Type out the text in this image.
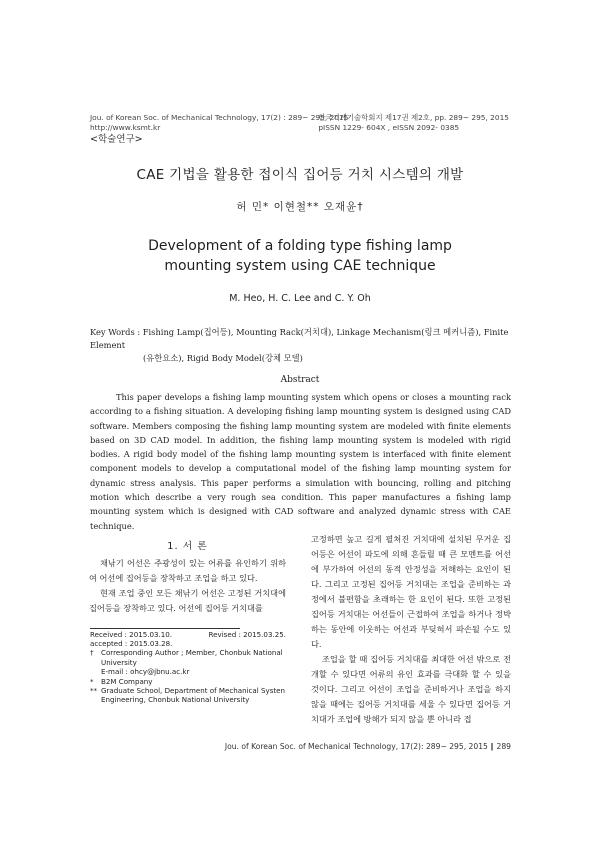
Jou. of Korean Soc. of Mechanical Technology, 17(2) : 289~ 295, 2015
http://www.ksmt.kr
한국기계기술학회지 제17권 제2호, pp. 289~ 295, 2015
pISSN 1229- 604X , eISSN 2092- 0385
<학술연구>
CAE 기법을 활용한 접이식 집어등 거치 시스템의 개발
허 민* 이현철** 오재윤†
Development of a folding type fishing lamp
mounting system using CAE technique
M. Heo, H. C. Lee and C. Y. Oh
Key Words : Fishing Lamp(집어등), Mounting Rack(거치대), Linkage Mechanism(링크 메커니즘), Finite Element
(유한요소), Rigid Body Model(강체 모델)
Abstract
This paper develops a fishing lamp mounting system which opens or closes a mounting rack according to a fishing situation. A developing fishing lamp mounting system is designed using CAD software. Members composing the fishing lamp mounting system are modeled with finite elements based on 3D CAD model. In addition, the fishing lamp mounting system is modeled with rigid bodies. A rigid body model of the fishing lamp mounting system is interfaced with finite element component models to develop a computational model of the fishing lamp mounting system for dynamic stress analysis. This paper performs a simulation with bouncing, rolling and pitching motion which describe a very rough sea condition. This paper manufactures a fishing lamp mounting system which is designed with CAD software and analyzed dynamic stress with CAE technique.
1. 서 론

채낚기 어선은 주광성이 있는 어류를 유인하기 위하여 어선에 집어등을 장착하고 조업을 하고 있다.

현재 조업 중인 모든 채낚기 어선은 고정된 거치대에 집어등을 장착하고 있다. 어선에 집어등 거치대를

Received : 2015.03.10.	Revised : 2015.03.25.
accepted : 2015.03.28.
†	Corresponding Author ; Member, Chonbuk National University
E-mail : ohcy@jbnu.ac.kr
*	B2M Company
** Graduate School, Department of Mechanical Systen Engineering, Chonbuk National University

고정하면 높고 길게 펼쳐진 거치대에 설치된 무거운 집어등은 어선이 파도에 의해 흔들릴 때 큰 모멘트를 어선에 부가하여 어선의 동적 안정성을 저해하는 요인이 된다. 그리고 고정된 집어등 거치대는 조업을 준비하는 과정에서 불편함을 초래하는 한 요인이 된다. 또한 고정된 집어등 거치대는 어선들이 근접하여 조업을 하거나 정박하는 동안에 이웃하는 어선과 부딪혀서 파손될 수도 있다.

조업을 할 때 집어등 거치대를 최대한 어선 밖으로 전개할 수 있다면 어류의 유인 효과를 극대화 할 수 있을 것이다. 그리고 어선이 조업을 준비하거나 조업을 하지 않을 때에는 집어등 거치대를 세울 수 있다면 집어등 거치대가 조업에 방해가 되지 않을 뿐 아니라 접

Jou. of Korean Soc. of Mechanical Technology, 17(2): 289~ 295, 2015 ∥ 289
